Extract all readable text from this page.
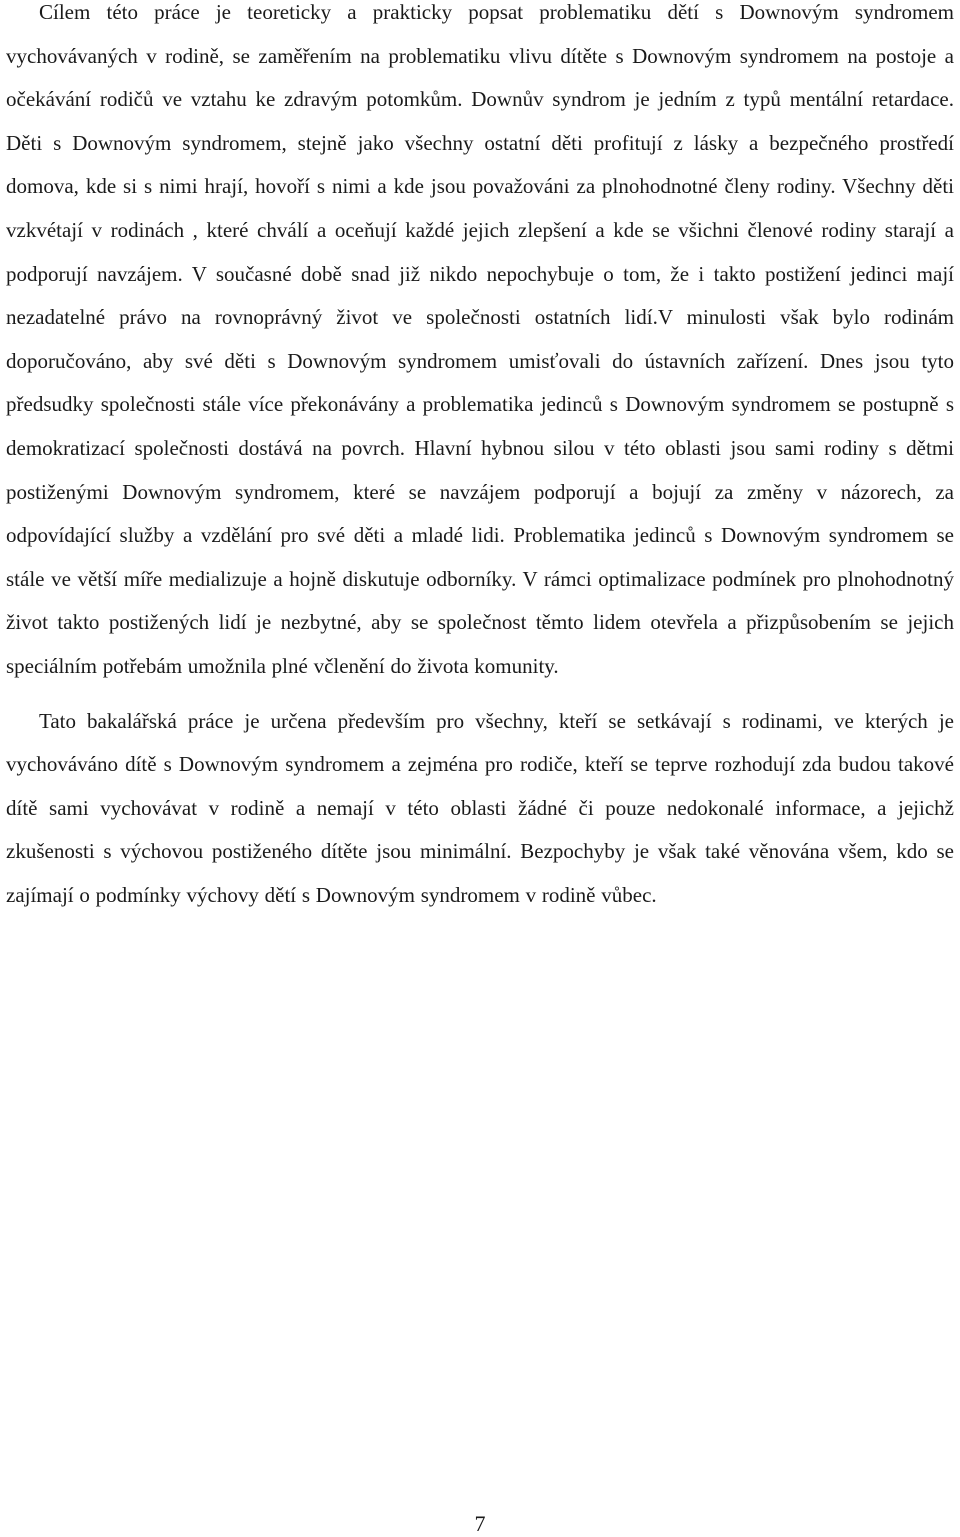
Cílem této práce je teoreticky a prakticky popsat problematiku dětí s Downovým syndromem vychovávaných v rodině, se zaměřením na problematiku vlivu dítěte s Downovým syndromem na postoje a očekávání rodičů ve vztahu ke zdravým potomkům. Downův syndrom je jedním z typů mentální retardace. Děti s Downovým syndromem, stejně jako všechny ostatní děti profitují z lásky a bezpečného prostředí domova, kde si s nimi hrají, hovoří s nimi a kde jsou považováni za plnohodnotné členy rodiny. Všechny děti vzkvétají v rodinách , které chválí a oceňují každé jejich zlepšení a kde se všichni členové rodiny starají a podporují navzájem. V současné době snad již nikdo nepochybuje o tom, že i takto postižení jedinci mají nezadatelné právo na rovnoprávný život ve společnosti ostatních lidí.V minulosti však bylo rodinám doporučováno, aby své děti s Downovým syndromem umisťovali do ústavních zařízení. Dnes jsou tyto předsudky společnosti stále více překonávány a problematika jedinců s Downovým syndromem se postupně s demokratizací společnosti dostává na povrch. Hlavní hybnou silou v této oblasti jsou sami rodiny s dětmi postiženými Downovým syndromem, které se navzájem podporují a bojují za změny v názorech, za odpovídající služby a vzdělání pro své děti a mladé lidi. Problematika jedinců s Downovým syndromem se stále ve větší míře medializuje a hojně diskutuje odborníky. V rámci optimalizace podmínek pro plnohodnotný život takto postižených lidí je nezbytné, aby se společnost těmto lidem otevřela a přizpůsobením se jejich speciálním potřebám umožnila plné včlenění do života komunity.

Tato bakalářská práce je určena především pro všechny, kteří se setkávají s rodinami, ve kterých je vychováváno dítě s Downovým syndromem a zejména pro rodiče, kteří se teprve rozhodují zda budou takové dítě sami vychovávat v rodině a nemají v této oblasti žádné či pouze nedokonalé informace, a jejichž zkušenosti s výchovou postiženého dítěte jsou minimální. Bezpochyby je však také věnována všem, kdo se zajímají o podmínky výchovy dětí s Downovým syndromem v rodině vůbec.

7
